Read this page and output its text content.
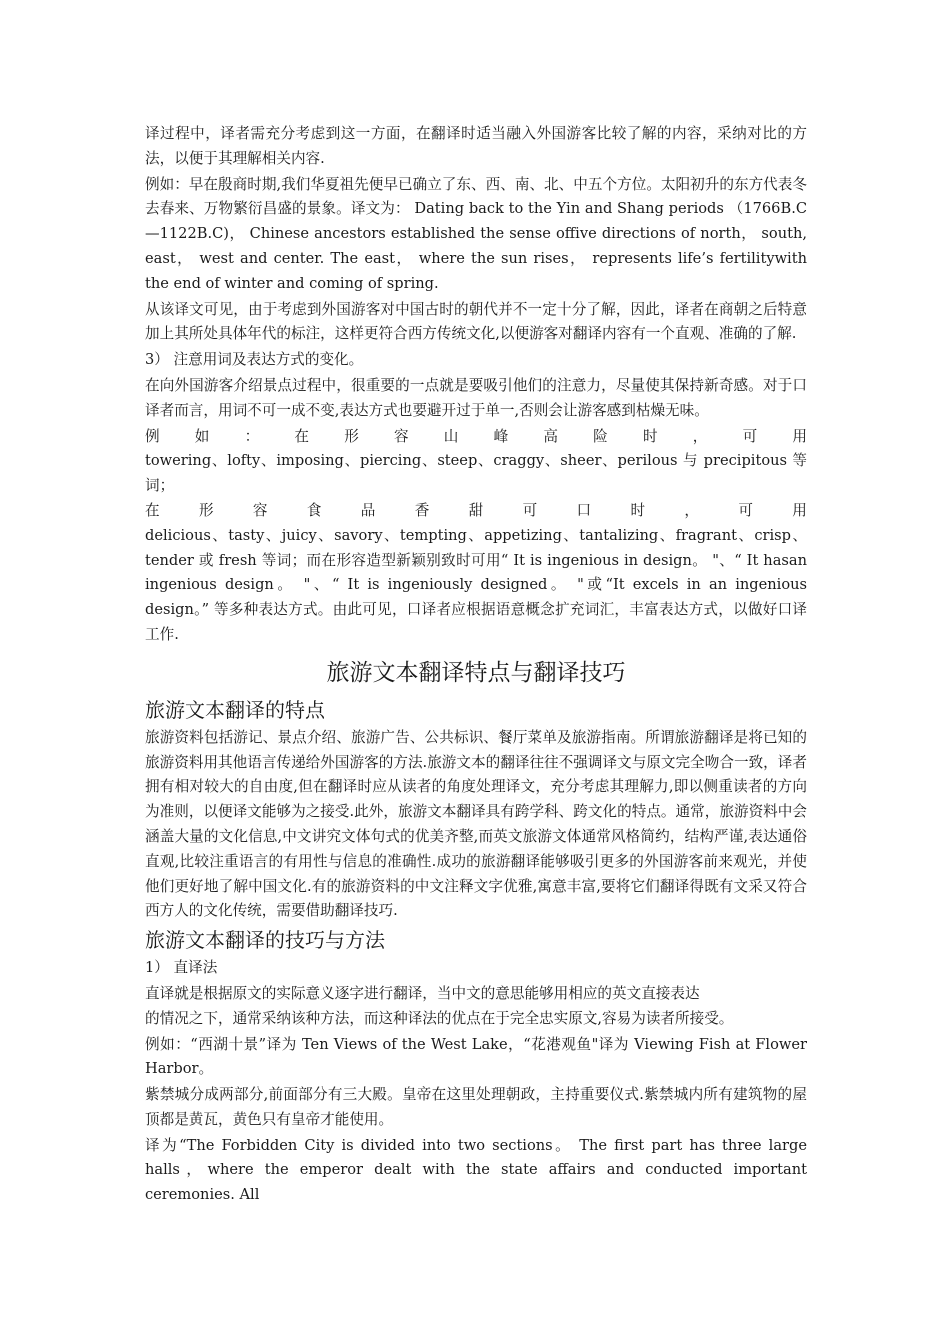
译过程中，译者需充分考虑到这一方面，在翻译时适当融入外国游客比较了解的内容，采纳对比的方法，以便于其理解相关内容.

例如：早在殷商时期,我们华夏祖先便早已确立了东、西、南、北、中五个方位。太阳初升的东方代表冬去春来、万物繁衍昌盛的景象。译文为： Dating back to the Yin and Shang periods （1766B.C—1122B.C)， Chinese ancestors established the sense offive directions of north， south, east， west and center. The east， where the sun rises， represents life’s fertilitywith the end of winter and coming of spring.

从该译文可见，由于考虑到外国游客对中国古时的朝代并不一定十分了解，因此，译者在商朝之后特意加上其所处具体年代的标注，这样更符合西方传统文化,以便游客对翻译内容有一个直观、准确的了解.

3） 注意用词及表达方式的变化。

在向外国游客介绍景点过程中，很重要的一点就是要吸引他们的注意力，尽量使其保持新奇感。对于口译者而言，用词不可一成不变,表达方式也要避开过于单一,否则会让游客感到枯燥无味。

例 如 ： 在 形 容 山 峰 高 险 时 ， 可 用
towering、lofty、imposing、piercing、steep、craggy、sheer、perilous 与 precipitous 等词；
在	形	容	食	品	香	甜	可	口	时	，	可	用
delicious、tasty、juicy、savory、tempting、appetizing、tantalizing、fragrant、crisp、tender 或 fresh 等词；而在形容造型新颖别致时可用“ It is ingenious in design。 "、“ It hasan ingenious design。 "、“ It is ingeniously designed。 "或“It excels in an ingenious design。” 等多种表达方式。由此可见，口译者应根据语意概念扩充词汇，丰富表达方式，以做好口译工作.
旅游文本翻译特点与翻译技巧
旅游文本翻译的特点

旅游资料包括游记、景点介绍、旅游广告、公共标识、餐厅菜单及旅游指南。所谓旅游翻译是将已知的旅游资料用其他语言传递给外国游客的方法.旅游文本的翻译往往不强调译文与原文完全吻合一致，译者拥有相对较大的自由度,但在翻译时应从读者的角度处理译文，充分考虑其理解力,即以侧重读者的方向为准则，以便译文能够为之接受.此外，旅游文本翻译具有跨学科、跨文化的特点。通常，旅游资料中会涵盖大量的文化信息,中文讲究文体句式的优美齐整,而英文旅游文体通常风格简约，结构严谨,表达通俗直观,比较注重语言的有用性与信息的准确性.成功的旅游翻译能够吸引更多的外国游客前来观光，并使他们更好地了解中国文化.有的旅游资料的中文注释文字优雅,寓意丰富,要将它们翻译得既有文采又符合西方人的文化传统，需要借助翻译技巧.

旅游文本翻译的技巧与方法

1） 直译法

直译就是根据原文的实际意义逐字进行翻译，当中文的意思能够用相应的英文直接表达
的情况之下，通常采纳该种方法，而这种译法的优点在于完全忠实原文,容易为读者所接受。

例如：“西湖十景”译为 Ten Views of the West Lake，“花港观鱼"译为 Viewing Fish at Flower Harbor。

紫禁城分成两部分,前面部分有三大殿。皇帝在这里处理朝政，主持重要仪式.紫禁城内所有建筑物的屋顶都是黄瓦，黄色只有皇帝才能使用。

译为“The Forbidden City is divided into two sections。 The first part has three large halls，where the emperor dealt with the state affairs and conducted important ceremonies. All
